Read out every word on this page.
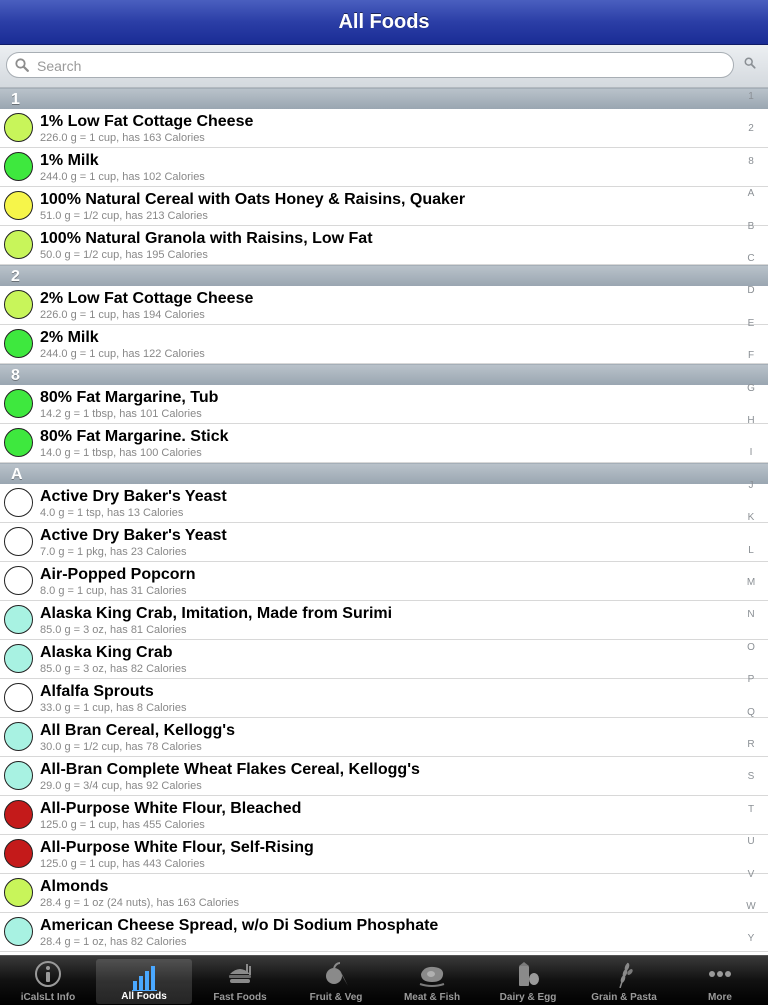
All Foods
Search
1
1% Low Fat Cottage Cheese
226.0 g = 1 cup, has 163 Calories
1% Milk
244.0 g = 1 cup, has 102 Calories
100% Natural Cereal with Oats Honey & Raisins, Quaker
51.0 g = 1/2 cup, has 213 Calories
100% Natural Granola with Raisins, Low Fat
50.0 g = 1/2 cup, has 195 Calories
2
2% Low Fat Cottage Cheese
226.0 g = 1 cup, has 194 Calories
2% Milk
244.0 g = 1 cup, has 122 Calories
8
80% Fat Margarine, Tub
14.2 g = 1 tbsp, has 101 Calories
80% Fat Margarine. Stick
14.0 g = 1 tbsp, has 100 Calories
A
Active Dry Baker's Yeast
4.0 g = 1 tsp, has 13 Calories
Active Dry Baker's Yeast
7.0 g = 1 pkg, has 23 Calories
Air-Popped Popcorn
8.0 g = 1 cup, has 31 Calories
Alaska King Crab, Imitation, Made from Surimi
85.0 g = 3 oz, has 81 Calories
Alaska King Crab
85.0 g = 3 oz, has 82 Calories
Alfalfa Sprouts
33.0 g = 1 cup, has 8 Calories
All Bran Cereal, Kellogg's
30.0 g = 1/2 cup, has 78 Calories
All-Bran Complete Wheat Flakes Cereal, Kellogg's
29.0 g = 3/4 cup, has 92 Calories
All-Purpose White Flour, Bleached
125.0 g = 1 cup, has 455 Calories
All-Purpose White Flour, Self-Rising
125.0 g = 1 cup, has 443 Calories
Almonds
28.4 g = 1 oz (24 nuts), has 163 Calories
American Cheese Spread, w/o Di Sodium Phosphate
28.4 g = 1 oz, has 82 Calories
1
2
8
A
B
C
D
E
F
G
H
I
J
K
L
M
N
O
P
Q
R
S
T
U
V
W
Y
iCalsLt Info	All Foods	Fast Foods	Fruit & Veg	Meat & Fish	Dairy & Egg	Grain & Pasta	More
